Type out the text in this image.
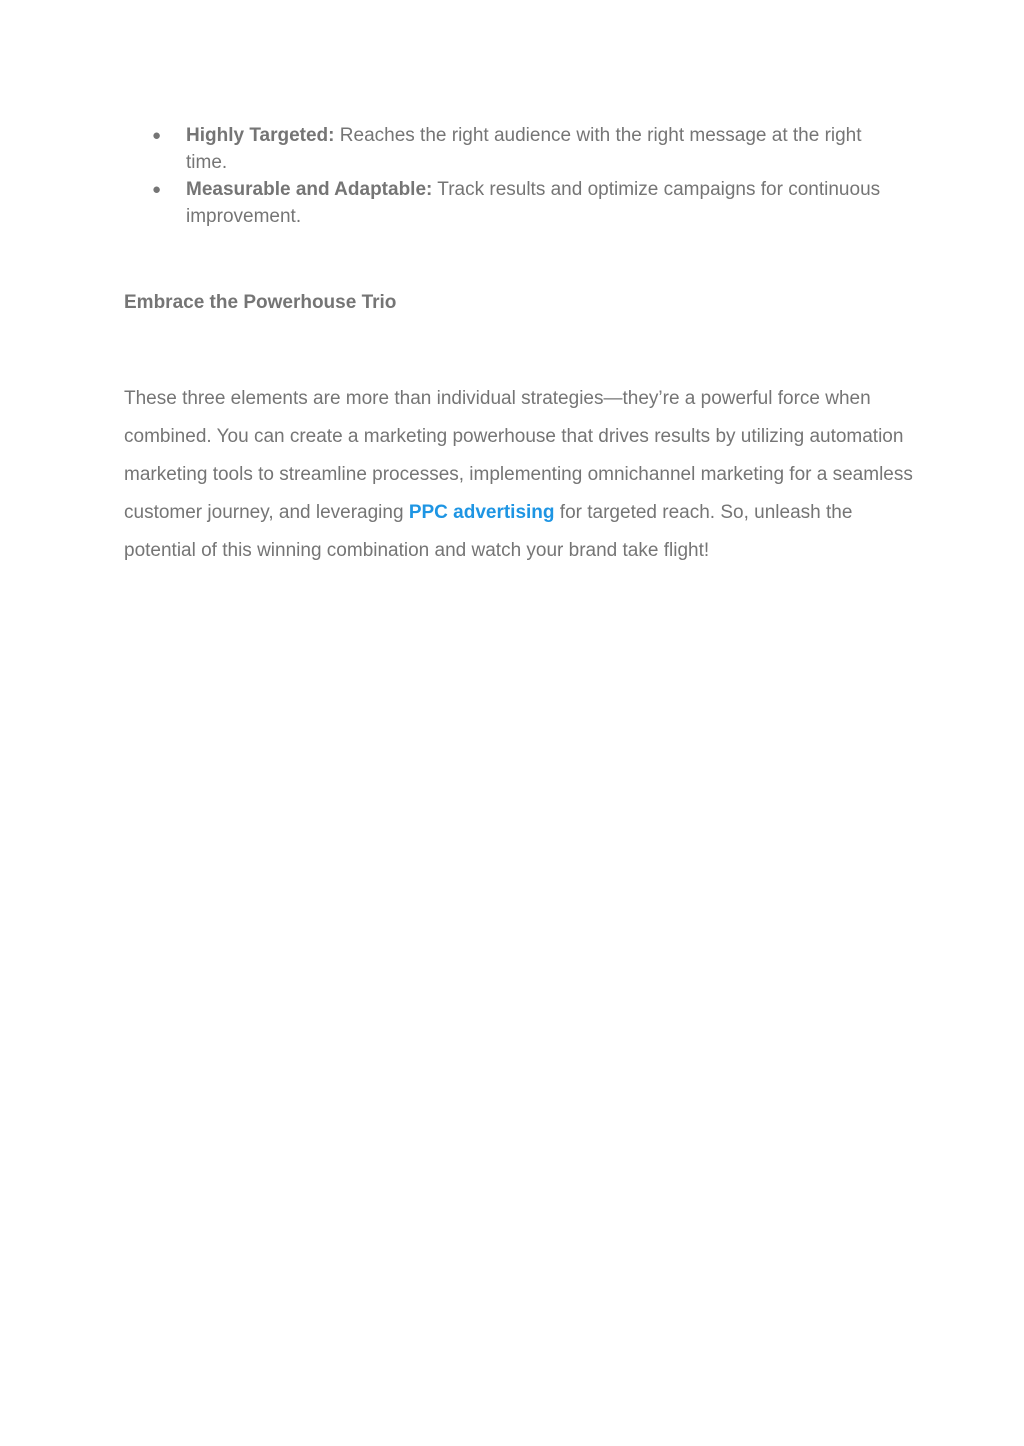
● Highly Targeted: Reaches the right audience with the right message at the right time.
● Measurable and Adaptable: Track results and optimize campaigns for continuous improvement.
Embrace the Powerhouse Trio

These three elements are more than individual strategies—they’re a powerful force when combined. You can create a marketing powerhouse that drives results by utilizing automation marketing tools to streamline processes, implementing omnichannel marketing for a seamless customer journey, and leveraging PPC advertising for targeted reach. So, unleash the potential of this winning combination and watch your brand take flight!
